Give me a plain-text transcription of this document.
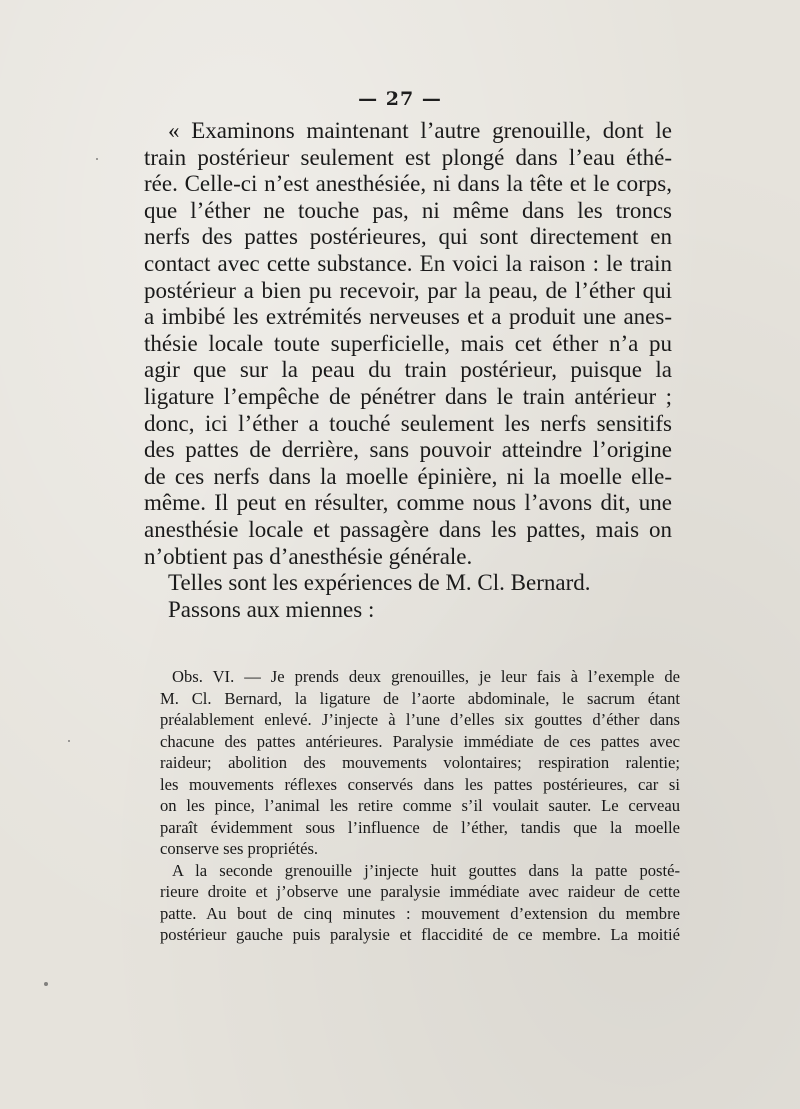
— 27 —
« Examinons maintenant l’autre grenouille, dont le
train postérieur seulement est plongé dans l’eau éthé-
rée. Celle-ci n’est anesthésiée, ni dans la tête et le corps,
que l’éther ne touche pas, ni même dans les troncs
nerfs des pattes postérieures, qui sont directement en
contact avec cette substance. En voici la raison : le train
postérieur a bien pu recevoir, par la peau, de l’éther qui
a imbibé les extrémités nerveuses et a produit une anes-
thésie locale toute superficielle, mais cet éther n’a pu
agir que sur la peau du train postérieur, puisque la
ligature l’empêche de pénétrer dans le train antérieur ;
donc, ici l’éther a touché seulement les nerfs sensitifs
des pattes de derrière, sans pouvoir atteindre l’origine
de ces nerfs dans la moelle épinière, ni la moelle elle-
même. Il peut en résulter, comme nous l’avons dit, une
anesthésie locale et passagère dans les pattes, mais on
n’obtient pas d’anesthésie générale.
Telles sont les expériences de M. Cl. Bernard.
Passons aux miennes :
Obs. VI. — Je prends deux grenouilles, je leur fais à l’exemple de
M. Cl. Bernard, la ligature de l’aorte abdominale, le sacrum étant
préalablement enlevé. J’injecte à l’une d’elles six gouttes d’éther dans
chacune des pattes antérieures. Paralysie immédiate de ces pattes avec
raideur; abolition des mouvements volontaires; respiration ralentie;
les mouvements réflexes conservés dans les pattes postérieures, car si
on les pince, l’animal les retire comme s’il voulait sauter. Le cerveau
paraît évidemment sous l’influence de l’éther, tandis que la moelle
conserve ses propriétés.
A la seconde grenouille j’injecte huit gouttes dans la patte posté-
rieure droite et j’observe une paralysie immédiate avec raideur de cette
patte. Au bout de cinq minutes : mouvement d’extension du membre
postérieur gauche puis paralysie et flaccidité de ce membre. La moitié
